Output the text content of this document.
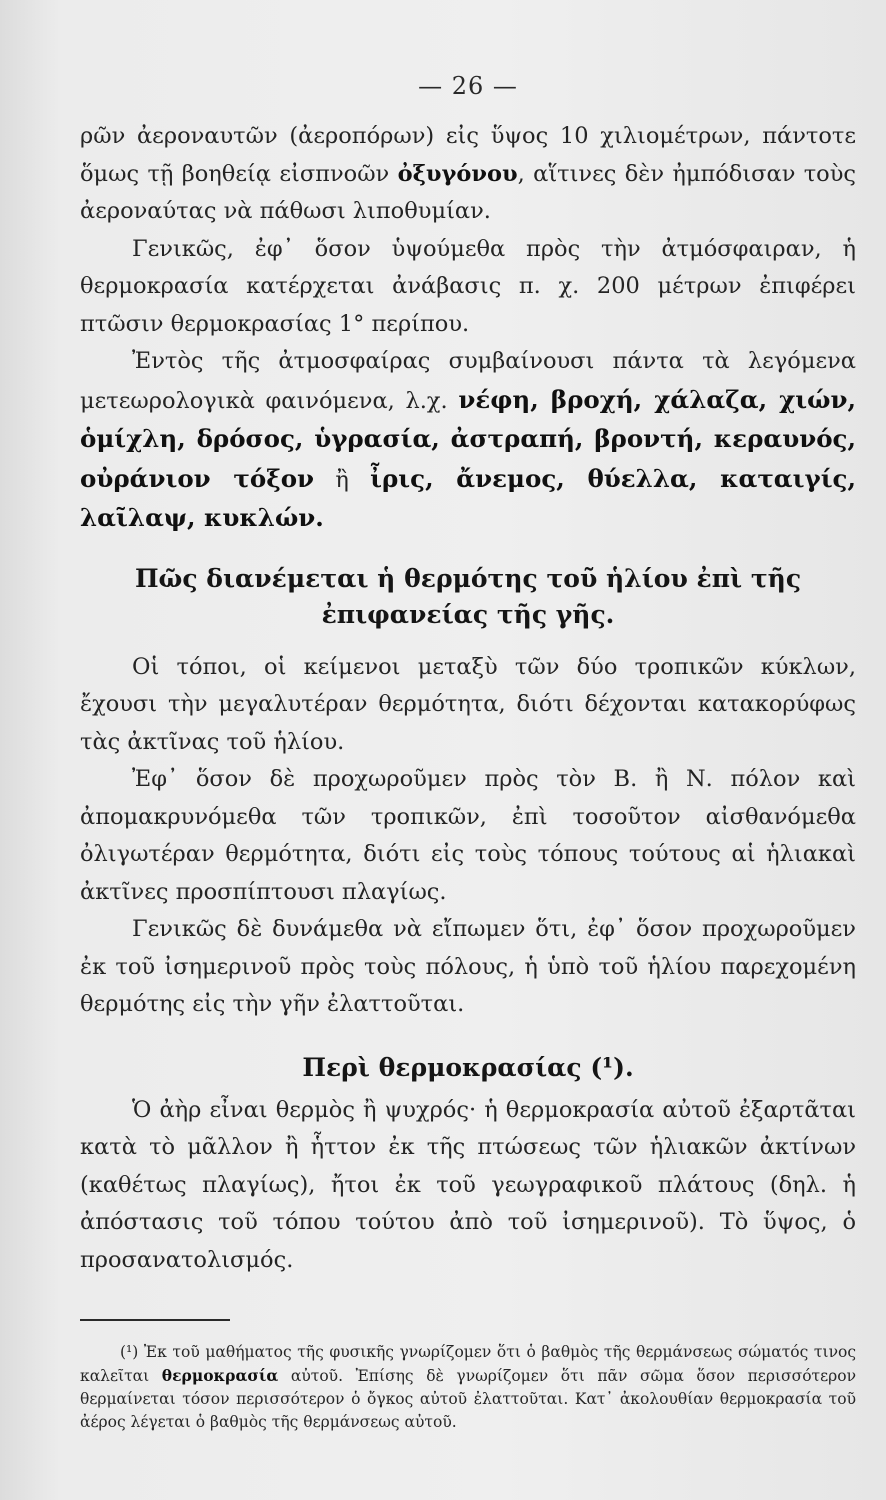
— 26 —

ρῶν ἀεροναυτῶν (ἀεροπόρων) εἰς ὕψος 10 χιλιομέτρων, πάντοτε ὅμως τῇ βοηθείᾳ εἰσπνοῶν ὀξυγόνου, αἵτινες δὲν ἠμπόδισαν τοὺς ἀεροναύτας νὰ πάθωσι λιποθυμίαν.

Γενικῶς, ἐφ᾽ ὅσον ὑψούμεθα πρὸς τὴν ἀτμόσφαιραν, ἡ θερμοκρασία κατέρχεται ἀνάβασις π. χ. 200 μέτρων ἐπιφέρει πτῶσιν θερμοκρασίας 1° περίπου.

Ἐντὸς τῆς ἀτμοσφαίρας συμβαίνουσι πάντα τὰ λεγόμενα μετεωρολογικὰ φαινόμενα, λ.χ. νέφη, βροχή, χάλαζα, χιών, ὁμίχλη, δρόσος, ὑγρασία, ἀστραπή, βροντή, κεραυνός, οὐράνιον τόξον ἢ ἶρις, ἄνεμος, θύελλα, καταιγίς, λαῖλαψ, κυκλών.

Πῶς διανέμεται ἡ θερμότης τοῦ ἡλίου ἐπὶ τῆς ἐπιφανείας τῆς γῆς.

Οἱ τόποι, οἱ κείμενοι μεταξὺ τῶν δύο τροπικῶν κύκλων, ἔχουσι τὴν μεγαλυτέραν θερμότητα, διότι δέχονται κατακορύφως τὰς ἀκτῖνας τοῦ ἡλίου.

Ἐφ᾽ ὅσον δὲ προχωροῦμεν πρὸς τὸν Β. ἢ Ν. πόλον καὶ ἀπομακρυνόμεθα τῶν τροπικῶν, ἐπὶ τοσοῦτον αἰσθανόμεθα ὀλιγωτέραν θερμότητα, διότι εἰς τοὺς τόπους τούτους αἱ ἡλιακαὶ ἀκτῖνες προσπίπτουσι πλαγίως.

Γενικῶς δὲ δυνάμεθα νὰ εἴπωμεν ὅτι, ἐφ᾽ ὅσον προχωροῦμεν ἐκ τοῦ ἰσημερινοῦ πρὸς τοὺς πόλους, ἡ ὑπὸ τοῦ ἡλίου παρεχομένη θερμότης εἰς τὴν γῆν ἐλαττοῦται.

Περὶ θερμοκρασίας (¹).

Ὁ ἀὴρ εἶναι θερμὸς ἢ ψυχρός· ἡ θερμοκρασία αὐτοῦ ἐξαρτᾶται κατὰ τὸ μᾶλλον ἢ ἧττον ἐκ τῆς πτώσεως τῶν ἡλιακῶν ἀκτίνων (καθέτως πλαγίως), ἤτοι ἐκ τοῦ γεωγραφικοῦ πλάτους (δηλ. ἡ ἀπόστασις τοῦ τόπου τούτου ἀπὸ τοῦ ἰσημερινοῦ). Τὸ ὕψος, ὁ προσανατολισμός.

(¹) Ἐκ τοῦ μαθήματος τῆς φυσικῆς γνωρίζομεν ὅτι ὁ βαθμὸς τῆς θερμάνσεως σώματός τινος καλεῖται θερμοκρασία αὐτοῦ. Ἐπίσης δὲ γνωρίζομεν ὅτι πᾶν σῶμα ὅσον περισσότερον θερμαίνεται τόσον περισσότερον ὁ ὄγκος αὐτοῦ ἐλαττοῦται. Κατ᾽ ἀκολουθίαν θερμοκρασία τοῦ ἀέρος λέγεται ὁ βαθμὸς τῆς θερμάνσεως αὐτοῦ.
